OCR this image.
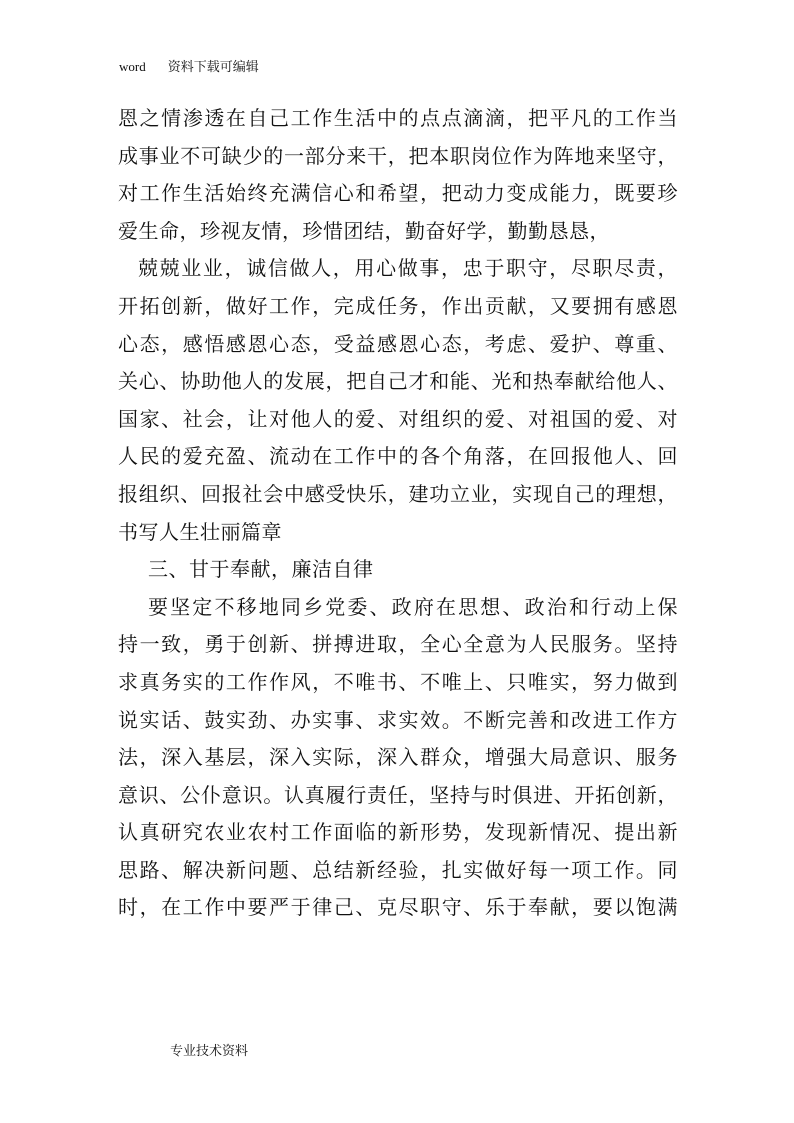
word 资料下载可编辑
恩之情渗透在自己工作生活中的点点滴滴，把平凡的工作当
成事业不可缺少的一部分来干，把本职岗位作为阵地来坚守，
对工作生活始终充满信心和希望，把动力变成能力，既要珍
爱生命，珍视友情，珍惜团结，勤奋好学，勤勤恳恳，
兢兢业业，诚信做人，用心做事，忠于职守，尽职尽责，
开拓创新，做好工作，完成任务，作出贡献，又要拥有感恩
心态，感悟感恩心态，受益感恩心态，考虑、爱护、尊重、
关心、协助他人的发展，把自己才和能、光和热奉献给他人、
国家、社会，让对他人的爱、对组织的爱、对祖国的爱、对
人民的爱充盈、流动在工作中的各个角落，在回报他人、回
报组织、回报社会中感受快乐，建功立业，实现自己的理想，
书写人生壮丽篇章
三、甘于奉献，廉洁自律
要坚定不移地同乡党委、政府在思想、政治和行动上保
持一致，勇于创新、拼搏进取，全心全意为人民服务。坚持
求真务实的工作作风，不唯书、不唯上、只唯实，努力做到
说实话、鼓实劲、办实事、求实效。不断完善和改进工作方
法，深入基层，深入实际，深入群众，增强大局意识、服务
意识、公仆意识。认真履行责任，坚持与时俱进、开拓创新，
认真研究农业农村工作面临的新形势，发现新情况、提出新
思路、解决新问题、总结新经验，扎实做好每一项工作。同
时，在工作中要严于律己、克尽职守、乐于奉献，要以饱满
专业技术资料
